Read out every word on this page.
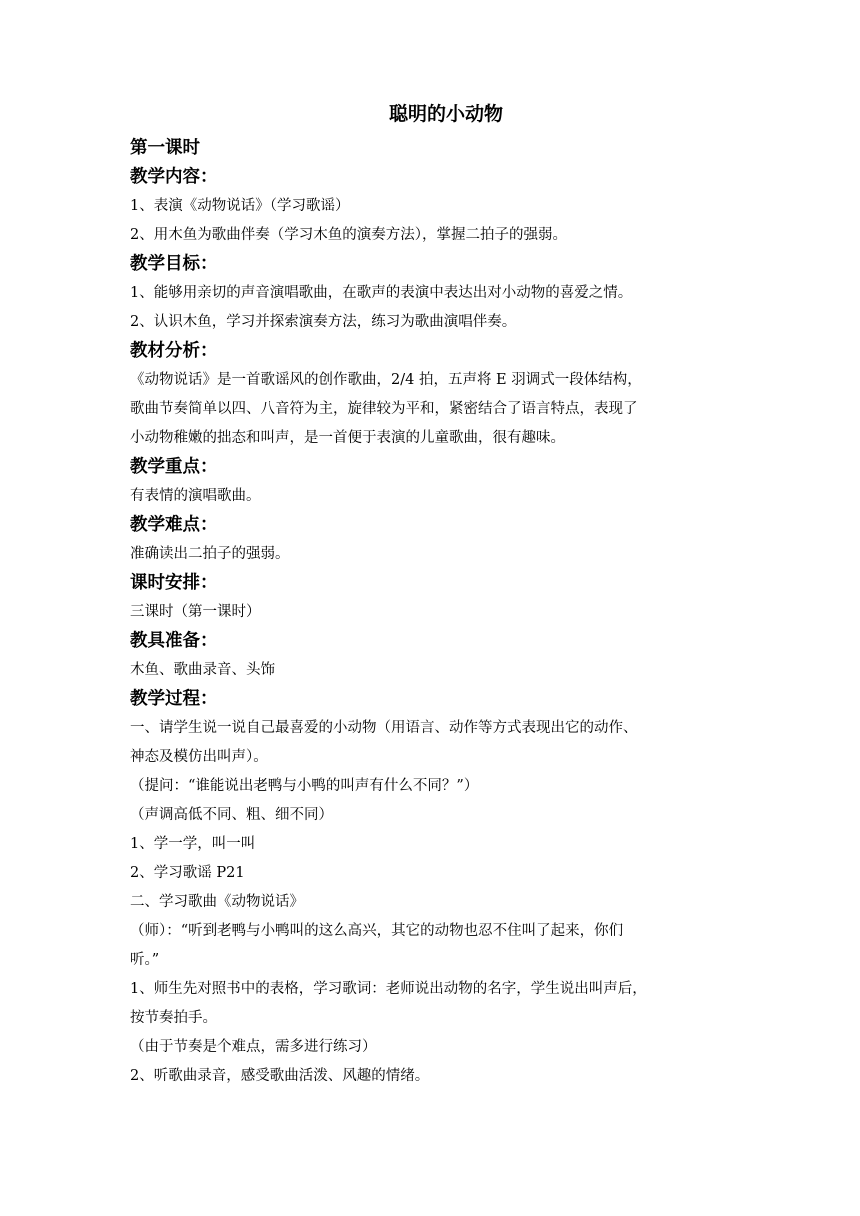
聪明的小动物
第一课时
教学内容：
1、表演《动物说话》（学习歌谣）
2、用木鱼为歌曲伴奏（学习木鱼的演奏方法），掌握二拍子的强弱。
教学目标：
1、能够用亲切的声音演唱歌曲，在歌声的表演中表达出对小动物的喜爱之情。
2、认识木鱼，学习并探索演奏方法，练习为歌曲演唱伴奏。
教材分析：
《动物说话》是一首歌谣风的创作歌曲，2/4 拍，五声将 E 羽调式一段体结构，
歌曲节奏简单以四、八音符为主，旋律较为平和，紧密结合了语言特点，表现了
小动物稚嫩的拙态和叫声，是一首便于表演的儿童歌曲，很有趣味。
教学重点：
有表情的演唱歌曲。
教学难点：
准确读出二拍子的强弱。
课时安排：
三课时（第一课时）
教具准备：
木鱼、歌曲录音、头饰
教学过程：
一、请学生说一说自己最喜爱的小动物（用语言、动作等方式表现出它的动作、
神态及模仿出叫声）。
（提问：“谁能说出老鸭与小鸭的叫声有什么不同？”）
（声调高低不同、粗、细不同）
1、学一学，叫一叫
2、学习歌谣 P21
二、学习歌曲《动物说话》
（师）：“听到老鸭与小鸭叫的这么高兴，其它的动物也忍不住叫了起来，你们
听。”
1、师生先对照书中的表格，学习歌词：老师说出动物的名字，学生说出叫声后，
按节奏拍手。
（由于节奏是个难点，需多进行练习）
2、听歌曲录音，感受歌曲活泼、风趣的情绪。
